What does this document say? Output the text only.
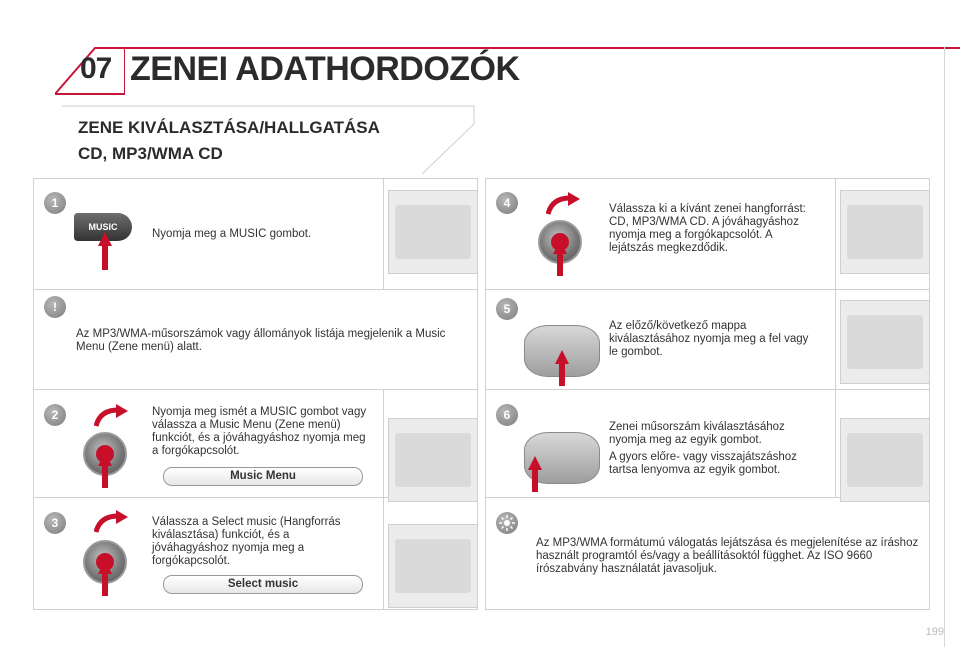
07 ZENEI ADATHORDOZÓK
ZENE KIVÁLASZTÁSA/HALLGATÁSA
CD, MP3/WMA CD
1
MUSIC
Nyomja meg a MUSIC gombot.
!
Az MP3/WMA-műsorszámok vagy állományok listája megjelenik a Music Menu (Zene menü) alatt.
2	Nyomja meg ismét a MUSIC gombot vagy válassza a Music Menu (Zene menü) funkciót, és a jóváhagyáshoz nyomja meg a forgókapcsolót.
Music Menu
3	Válassza a Select music (Hangforrás kiválasztása) funkciót, és a jóváhagyáshoz nyomja meg a forgókapcsolót.
Select music
4	Válassza ki a kívánt zenei hangforrást: CD, MP3/WMA CD. A jóváhagyáshoz nyomja meg a forgókapcsolót. A lejátszás megkezdődik.
5
Az előző/következő mappa kiválasztásához nyomja meg a fel vagy le gombot.
6
Zenei műsorszám kiválasztásához nyomja meg az egyik gombot.
A gyors előre- vagy visszajátszáshoz tartsa lenyomva az egyik gombot.
Az MP3/WMA formátumú válogatás lejátszása és megjelenítése az íráshoz használt programtól és/vagy a beállításoktól függhet. Az ISO 9660 írószabvány használatát javasoljuk.
199
